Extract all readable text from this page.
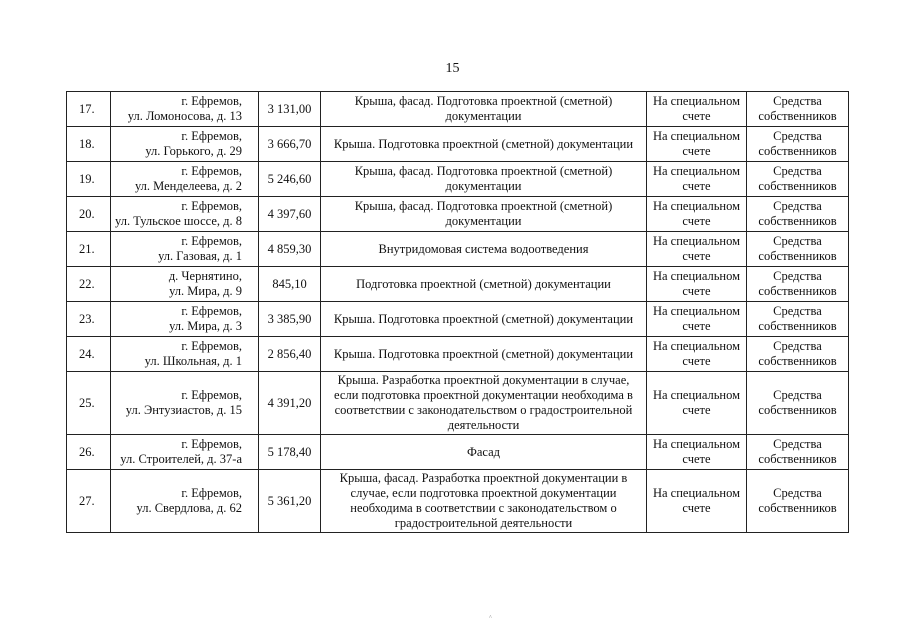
15
17.	г. Ефремов,
ул. Ломоносова, д. 13	3 131,00	Крыша, фасад. Подготовка проектной (сметной) документации	На специальном счете	Средства собственников
18.	г. Ефремов,
ул. Горького, д. 29	3 666,70	Крыша. Подготовка проектной (сметной) документации	На специальном счете	Средства собственников
19.	г. Ефремов,
ул. Менделеева, д. 2	5 246,60	Крыша, фасад. Подготовка проектной (сметной) документации	На специальном счете	Средства собственников
20.	г. Ефремов,
ул. Тульское шоссе, д. 8	4 397,60	Крыша, фасад. Подготовка проектной (сметной) документации	На специальном счете	Средства собственников
21.	г. Ефремов,
ул. Газовая, д. 1	4 859,30	Внутридомовая система водоотведения	На специальном счете	Средства собственников
22.	д. Чернятино,
ул. Мира, д. 9	845,10	Подготовка проектной (сметной) документации	На специальном счете	Средства собственников
23.	г. Ефремов,
ул. Мира, д. 3	3 385,90	Крыша. Подготовка проектной (сметной) документации	На специальном счете	Средства собственников
24.	г. Ефремов,
ул. Школьная, д. 1	2 856,40	Крыша. Подготовка проектной (сметной) документации	На специальном счете	Средства собственников
25.	г. Ефремов,
ул. Энтузиастов, д. 15	4 391,20	Крыша. Разработка проектной документации в случае, если подготовка проектной документации необходима в соответствии с законодательством о градостроительной деятельности	На специальном счете	Средства собственников
26.	г. Ефремов,
ул. Строителей, д. 37-а	5 178,40	Фасад	На специальном счете	Средства собственников
27.	г. Ефремов,
ул. Свердлова, д. 62	5 361,20	Крыша, фасад. Разработка проектной документации в случае, если подготовка проектной документации необходима в соответствии с законодательством о градостроительной деятельности	На специальном счете	Средства собственников
^
